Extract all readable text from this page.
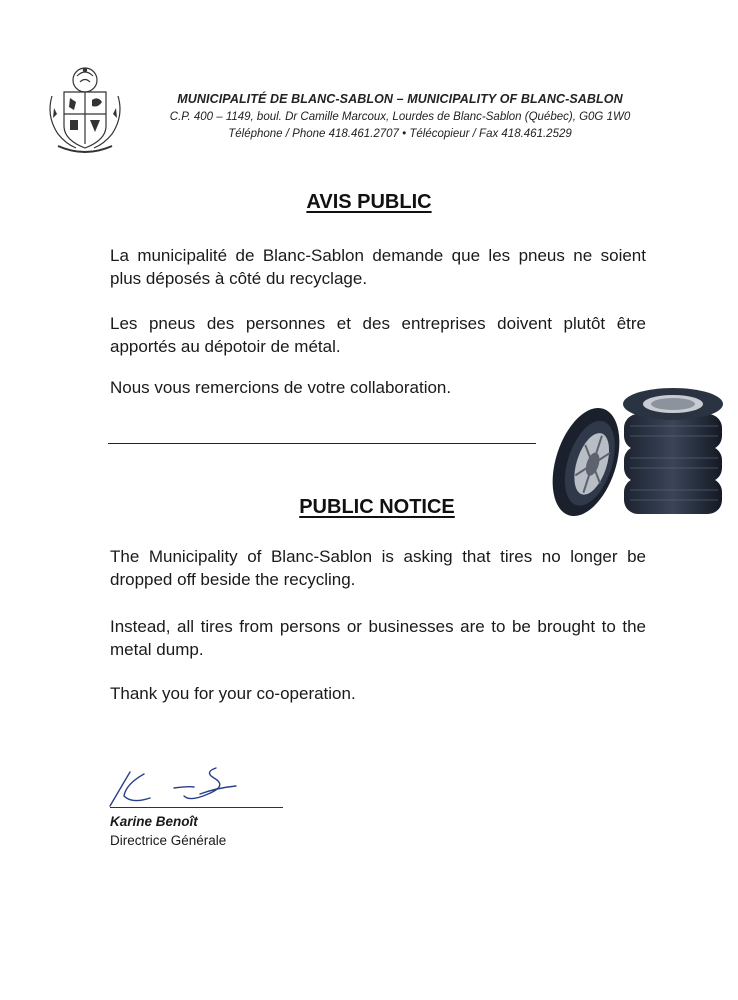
MUNICIPALITÉ DE BLANC-SABLON – MUNICIPALITY OF BLANC-SABLON
C.P. 400 – 1149, boul. Dr Camille Marcoux, Lourdes de Blanc-Sablon (Québec), G0G 1W0
Téléphone / Phone 418.461.2707 • Télécopieur / Fax 418.461.2529
AVIS PUBLIC
La municipalité de Blanc-Sablon demande que les pneus ne soient plus déposés à côté du recyclage.
Les pneus des personnes et des entreprises doivent plutôt être apportés au dépotoir de métal.
Nous vous remercions de votre collaboration.
PUBLIC NOTICE
The Municipality of Blanc-Sablon is asking that tires no longer be dropped off beside the recycling.
Instead, all tires from persons or businesses are to be brought to the metal dump.
Thank you for your co-operation.
Karine Benoît
Directrice Générale
